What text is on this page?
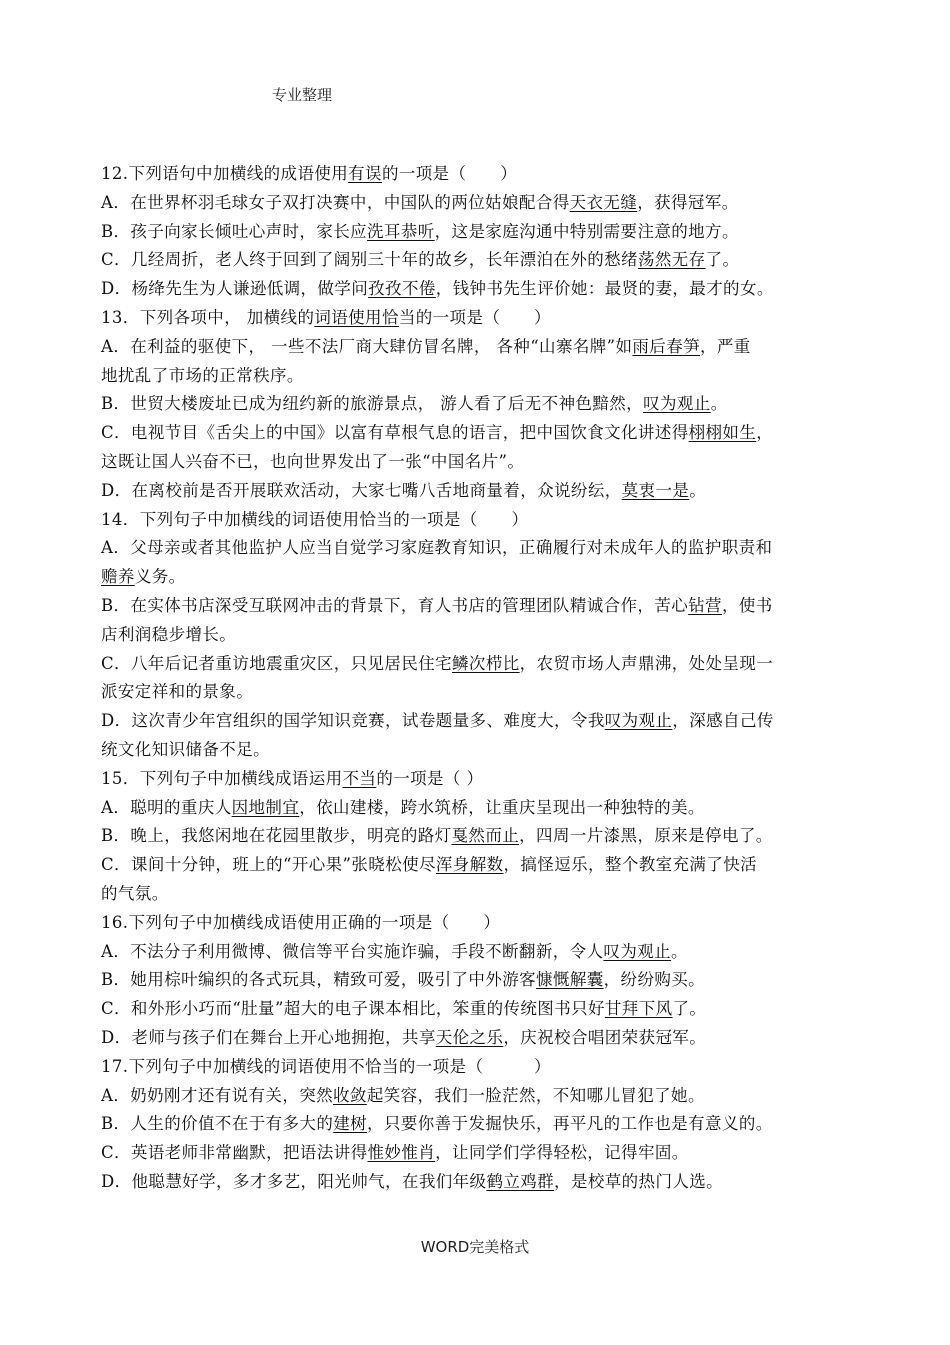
专业整理
12.下列语句中加横线的成语使用有误的一项是（　　）
A．在世界杯羽毛球女子双打决赛中，中国队的两位姑娘配合得天衣无缝，获得冠军。
B．孩子向家长倾吐心声时，家长应洗耳恭听，这是家庭沟通中特别需要注意的地方。
C．几经周折，老人终于回到了阔别三十年的故乡，长年漂泊在外的愁绪荡然无存了。
D．杨绛先生为人谦逊低调，做学问孜孜不倦，钱钟书先生评价她：最贤的妻，最才的女。
13．下列各项中， 加横线的词语使用恰当的一项是（　　）
A．在利益的驱使下， 一些不法厂商大肆仿冒名牌， 各种“山寨名牌”如雨后春笋，严重
地扰乱了市场的正常秩序。
B．世贸大楼废址已成为纽约新的旅游景点， 游人看了后无不神色黯然，叹为观止。
C．电视节目《舌尖上的中国》以富有草根气息的语言，把中国饮食文化讲述得栩栩如生，
这既让国人兴奋不已，也向世界发出了一张“中国名片”。
D．在离校前是否开展联欢活动，大家七嘴八舌地商量着，众说纷纭，莫衷一是。
14．下列句子中加横线的词语使用恰当的一项是（　　）
A．父母亲或者其他监护人应当自觉学习家庭教育知识，正确履行对未成年人的监护职责和
赡养义务。
B．在实体书店深受互联网冲击的背景下，育人书店的管理团队精诚合作，苦心钻营，使书
店利润稳步增长。
C．八年后记者重访地震重灾区，只见居民住宅鳞次栉比，农贸市场人声鼎沸，处处呈现一
派安定祥和的景象。
D．这次青少年宫组织的国学知识竞赛，试卷题量多、难度大，令我叹为观止，深感自己传
统文化知识储备不足。
15．下列句子中加横线成语运用不当的一项是（ ）
A．聪明的重庆人因地制宜，依山建楼，跨水筑桥，让重庆呈现出一种独特的美。
B．晚上，我悠闲地在花园里散步，明亮的路灯戛然而止，四周一片漆黑，原来是停电了。
C．课间十分钟，班上的“开心果”张晓松使尽浑身解数，搞怪逗乐，整个教室充满了快活
的气氛。
16.下列句子中加横线成语使用正确的一项是（　　）
A．不法分子利用微博、微信等平台实施诈骗，手段不断翻新，令人叹为观止。
B．她用棕叶编织的各式玩具，精致可爱，吸引了中外游客慷慨解囊，纷纷购买。
C．和外形小巧而“肚量”超大的电子课本相比，笨重的传统图书只好甘拜下风了。
D．老师与孩子们在舞台上开心地拥抱，共享天伦之乐，庆祝校合唱团荣获冠军。
17.下列句子中加横线的词语使用不恰当的一项是（　　　）
A．奶奶刚才还有说有关，突然收敛起笑容，我们一脸茫然，不知哪儿冒犯了她。
B．人生的价值不在于有多大的建树，只要你善于发掘快乐，再平凡的工作也是有意义的。
C．英语老师非常幽默，把语法讲得惟妙惟肖，让同学们学得轻松，记得牢固。
D．他聪慧好学，多才多艺，阳光帅气，在我们年级鹤立鸡群，是校草的热门人选。
WORD完美格式
